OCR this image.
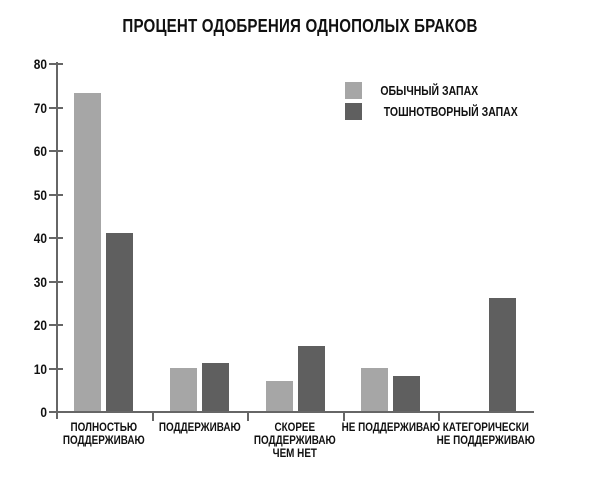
ПРОЦЕНТ ОДОБРЕНИЯ ОДНОПОЛЫХ БРАКОВ
0
10
20
30
40
50
60
70
80
ПОЛНОСТЬЮ
ПОДДЕРЖИВАЮ
ПОДДЕРЖИВАЮ	СКОРЕЕ
ПОДДЕРЖИВАЮ
ЧЕМ НЕТ
НЕ ПОДДЕРЖИВАЮ КАТЕГОРИЧЕСКИ
НЕ ПОДДЕРЖИВАЮ
ОБЫЧНЫЙ ЗАПАХ
ТОШНОТВОРНЫЙ ЗАПАХ
